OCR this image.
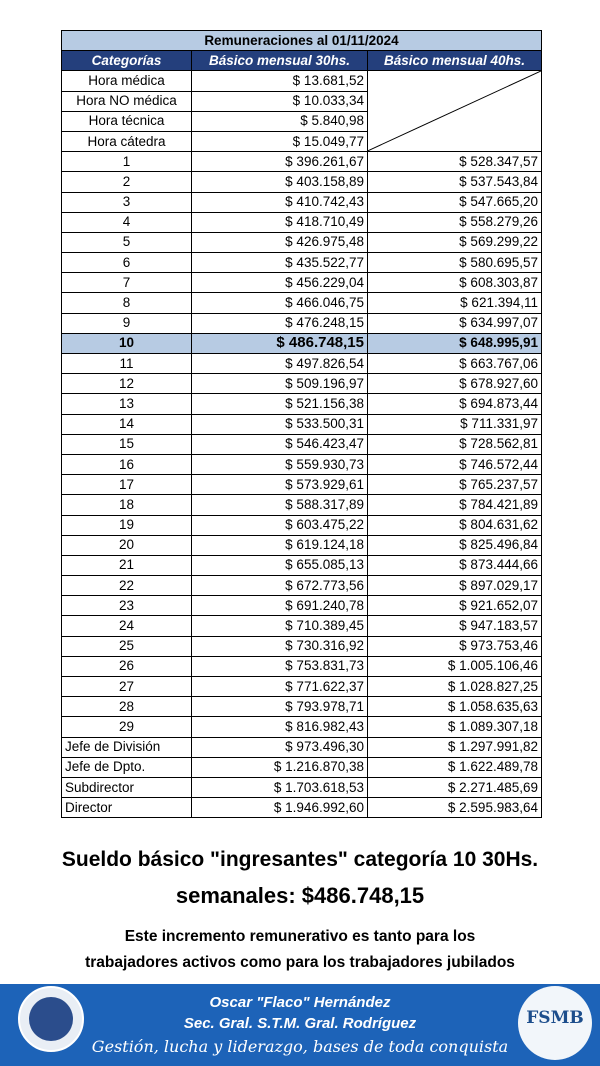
Remuneraciones al 01/11/2024		
Categorías	Básico mensual 30hs.	Básico mensual 40hs.
Hora médica	$ 13.681,52	

Hora NO médica	$ 10.033,34	
Hora técnica	$ 5.840,98	
Hora cátedra	$ 15.049,77	
1	$ 396.261,67	$ 528.347,57
2	$ 403.158,89	$ 537.543,84
3	$ 410.742,43	$ 547.665,20
4	$ 418.710,49	$ 558.279,26
5	$ 426.975,48	$ 569.299,22
6	$ 435.522,77	$ 580.695,57
7	$ 456.229,04	$ 608.303,87
8	$ 466.046,75	$ 621.394,11
9	$ 476.248,15	$ 634.997,07
10	$ 486.748,15	$ 648.995,91
11	$ 497.826,54	$ 663.767,06
12	$ 509.196,97	$ 678.927,60
13	$ 521.156,38	$ 694.873,44
14	$ 533.500,31	$ 711.331,97
15	$ 546.423,47	$ 728.562,81
16	$ 559.930,73	$ 746.572,44
17	$ 573.929,61	$ 765.237,57
18	$ 588.317,89	$ 784.421,89
19	$ 603.475,22	$ 804.631,62
20	$ 619.124,18	$ 825.496,84
21	$ 655.085,13	$ 873.444,66
22	$ 672.773,56	$ 897.029,17
23	$ 691.240,78	$ 921.652,07
24	$ 710.389,45	$ 947.183,57
25	$ 730.316,92	$ 973.753,46
26	$ 753.831,73	$ 1.005.106,46
27	$ 771.622,37	$ 1.028.827,25
28	$ 793.978,71	$ 1.058.635,63
29	$ 816.982,43	$ 1.089.307,18
Jefe de División	$ 973.496,30	$ 1.297.991,82
Jefe de Dpto.	$ 1.216.870,38	$ 1.622.489,78
Subdirector	$ 1.703.618,53	$ 2.271.485,69
Director	$ 1.946.992,60	$ 2.595.983,64
Sueldo básico "ingresantes" categoría 10 30Hs.
semanales: $486.748,15
Este incremento remunerativo es tanto para los
trabajadores activos como para los trabajadores jubilados
Oscar "Flaco" Hernández
Sec. Gral. S.T.M. Gral. Rodríguez
Gestión, lucha y liderazgo, bases de toda conquista
FSMB
